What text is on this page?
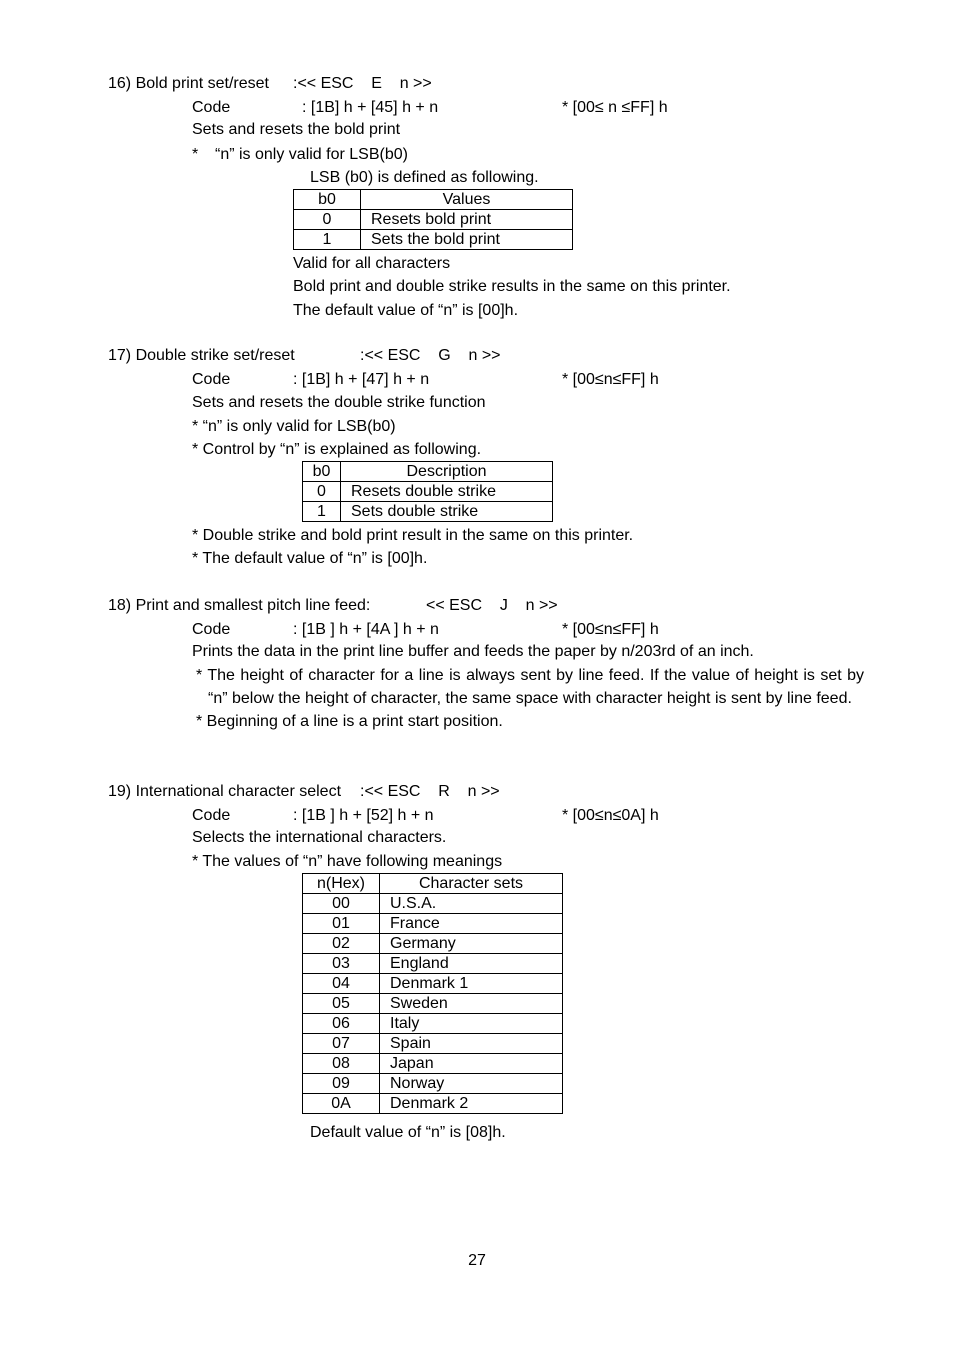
16) Bold print set/reset :<< ESC    E    n >>
Code	: [1B] h + [45] h + n	* [00≤ n ≤FF] h
Sets and resets the bold print
* “n” is only valid for LSB(b0)
LSB (b0) is defined as following.
b0	Values
0	Resets bold print
1	Sets the bold print
Valid for all characters
Bold print and double strike results in the same on this printer.
The default value of “n” is [00]h.
17) Double strike set/reset	:<< ESC    G    n >>
Code	: [1B] h + [47] h + n	* [00≤n≤FF] h
Sets and resets the double strike function
* “n” is only valid for LSB(b0)
* Control by “n” is explained as following.
b0	Description
0	Resets double strike
1	Sets double strike
* Double strike and bold print result in the same on this printer.
* The default value of “n” is [00]h.
18) Print and smallest pitch line feed:	<< ESC    J    n >>
Code	: [1B ] h + [4A ] h + n	* [00≤n≤FF] h
Prints the data in the print line buffer and feeds the paper by n/203rd of an inch.
* The height of character for a line is always sent by line feed. If the value of height is set by “n” below the height of character, the same space with character height is sent by line feed.
* Beginning of a line is a print start position.
19) International character select :<< ESC    R    n >>
Code	: [1B ] h + [52] h + n	* [00≤n≤0A] h
Selects the international characters.
* The values of “n” have following meanings
n(Hex)	Character sets
00	U.S.A.
01	France
02	Germany
03	England
04	Denmark 1
05	Sweden
06	Italy
07	Spain
08	Japan
09	Norway
0A	Denmark 2
Default value of “n” is [08]h.
27
